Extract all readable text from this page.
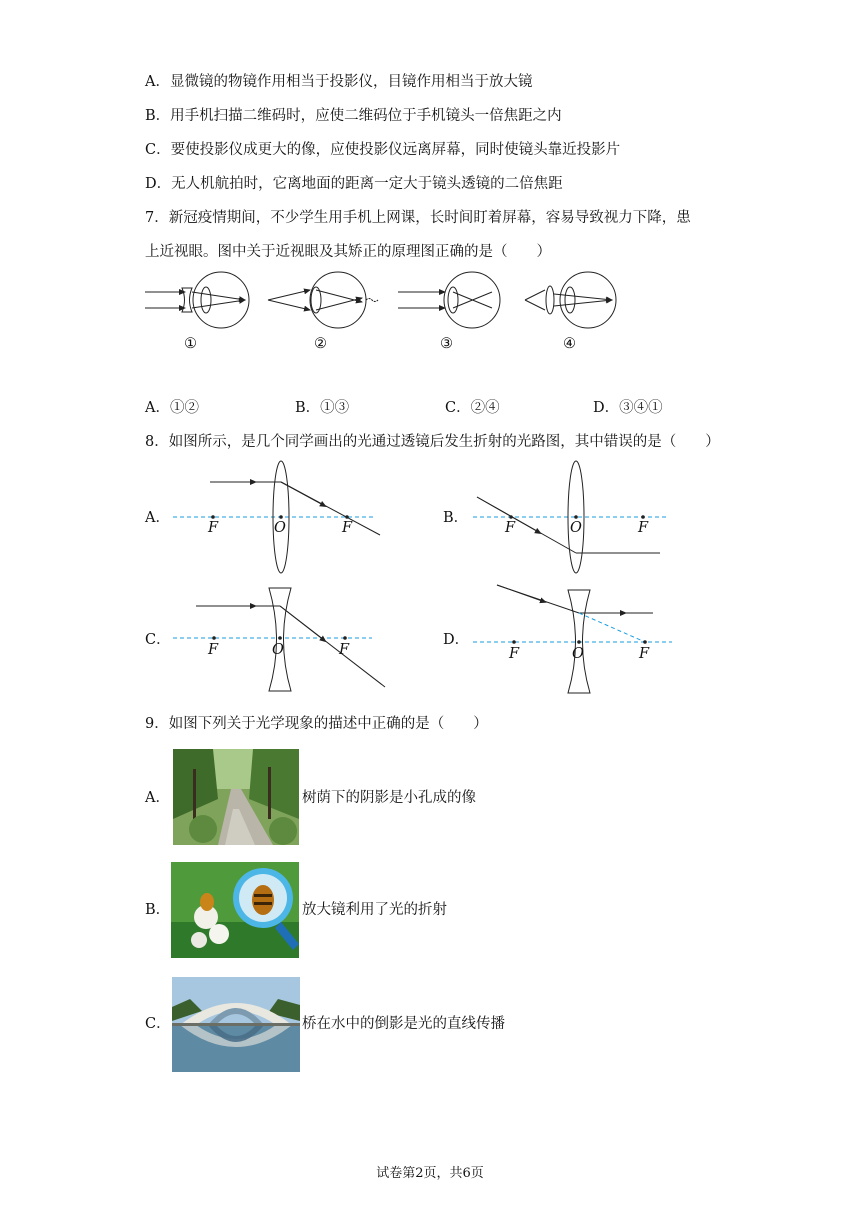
A．显微镜的物镜作用相当于投影仪，目镜作用相当于放大镜
B．用手机扫描二维码时，应使二维码位于手机镜头一倍焦距之内
C．要使投影仪成更大的像，应使投影仪远离屏幕，同时使镜头靠近投影片
D．无人机航拍时，它离地面的距离一定大于镜头透镜的二倍焦距
7．新冠疫情期间，不少学生用手机上网课，长时间盯着屏幕，容易导致视力下降，患
上近视眼。图中关于近视眼及其矫正的原理图正确的是（　　）
①	②	③	④
A．①②	B．①③	C．②④	D．③④①
8．如图所示，是几个同学画出的光通过透镜后发生折射的光路图，其中错误的是（　　）
A．	B．
C．	D．
F	O	F	F	O	F
F	O	F	F	O	F
9．如图下列关于光学现象的描述中正确的是（　　）
A．	树荫下的阴影是小孔成的像
B．	放大镜利用了光的折射
C．	桥在水中的倒影是光的直线传播
试卷第2页，共6页
